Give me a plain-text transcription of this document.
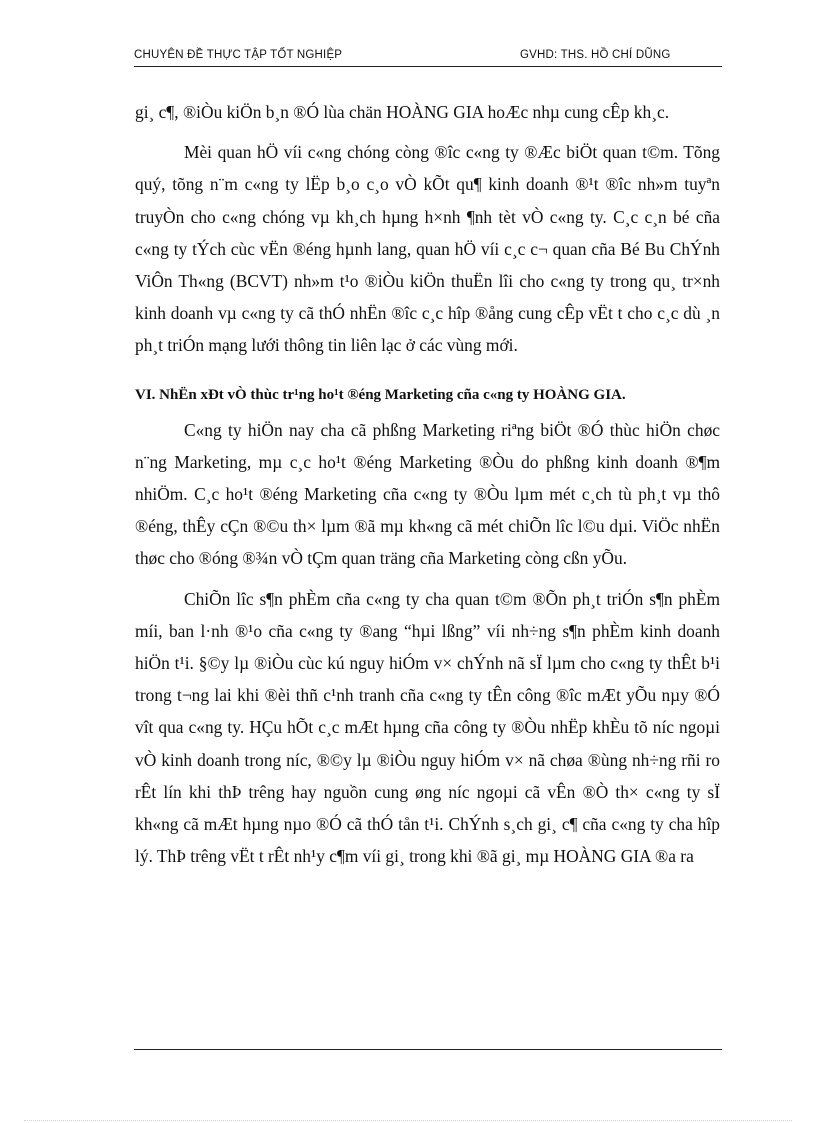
CHUYÊN ĐỀ THỰC TẬP TỐT NGHIỆP	GVHD: THS. HỒ CHÍ DŨNG

gi¸ c¶, ®iÒu kiÖn b¸n ®Ó lùa chän HOÀNG GIA hoÆc nhµ cung cÊp kh¸c.

Mèi quan hÖ víi c«ng chóng còng ®îc c«ng ty ®Æc biÖt quan t©m. Tõng quý, tõng n¨m c«ng ty lËp b¸o c¸o vÒ kÕt qu¶ kinh doanh ®¹t ®îc nh»m tuyªn truyÒn cho c«ng chóng vµ kh¸ch hµng h×nh ¶nh tèt vÒ c«ng ty. C¸c c¸n bé cña c«ng ty tÝch cùc vËn ®éng hµnh lang, quan hÖ víi c¸c c¬ quan cña Bé Bu ChÝnh ViÔn Th«ng (BCVT) nh»m t¹o ®iÒu kiÖn thuËn lîi cho c«ng ty trong qu¸ tr×nh kinh doanh vµ c«ng ty cã thÓ nhËn ®îc c¸c hîp ®ång cung cÊp vËt t cho c¸c dù ¸n ph¸t triÓn mạng lưới thông tin liên lạc ở các vùng mới.

VI. NhËn xÐt vÒ thùc tr¹ng ho¹t ®éng Marketing cña c«ng ty HOÀNG GIA.

C«ng ty hiÖn nay cha cã phßng Marketing riªng biÖt ®Ó thùc hiÖn chøc n¨ng Marketing, mµ c¸c ho¹t ®éng Marketing ®Òu do phßng kinh doanh ®¶m nhiÖm. C¸c ho¹t ®éng Marketing cña c«ng ty ®Òu lµm mét c¸ch tù ph¸t vµ thô ®éng, thÊy cÇn ®©u th× lµm ®ã mµ kh«ng cã mét chiÕn lîc l©u dµi. ViÖc nhËn thøc cho ®óng ®¾n vÒ tÇm quan träng cña Marketing còng cßn yÕu.

ChiÕn lîc s¶n phÈm cña c«ng ty cha quan t©m ®Õn ph¸t triÓn s¶n phÈm míi, ban l·nh ®¹o cña c«ng ty ®ang “hµi lßng” víi nh÷ng s¶n phÈm kinh doanh hiÖn t¹i. §©y lµ ®iÒu cùc kú nguy hiÓm v× chÝnh nã sÏ lµm cho c«ng ty thÊt b¹i trong t¬ng lai khi ®èi thñ c¹nh tranh cña c«ng ty tÊn công ®îc mÆt yÕu nµy ®Ó vît qua c«ng ty. HÇu hÕt c¸c mÆt hµng cña công ty ®Òu nhËp khÈu tõ níc ngoµi vÒ kinh doanh trong níc, ®©y lµ ®iÒu nguy hiÓm v× nã chøa ®ùng nh÷ng rñi ro rÊt lín khi thÞ trêng hay nguồn cung øng níc ngoµi cã vÊn ®Ò th× c«ng ty sÏ kh«ng cã mÆt hµng nµo ®Ó cã thÓ tån t¹i. ChÝnh s¸ch gi¸ c¶ cña c«ng ty cha hîp lý. ThÞ trêng vËt t rÊt nh¹y c¶m víi gi¸ trong khi ®ã gi¸ mµ HOÀNG GIA ®a ra
